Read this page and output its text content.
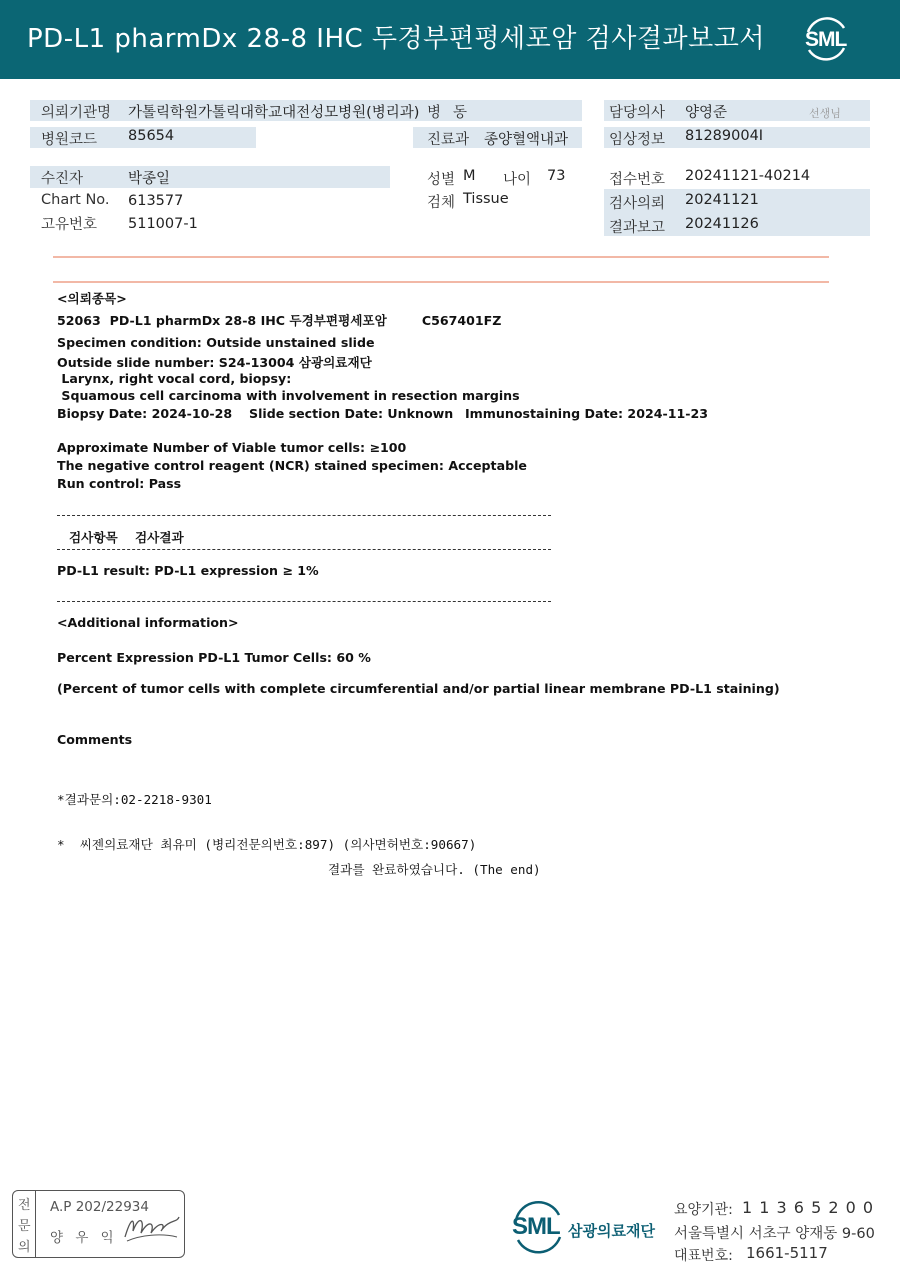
PD-L1 pharmDx 28-8 IHC 두경부편평세포암 검사결과보고서 SML
의뢰기관명 가톨릭학원가톨릭대학교대전성모병원(병리과) 병동
병원코드 85654	진료과 종양혈액내과
담당의사 양영준	선생님
임상정보 81289004I
수진자	박종일	성별 M 나이 73	접수번호 20241121-40214
Chart No. 613577	검체 Tissue	검사의뢰 20241121
고유번호 511007-1	결과보고 20241126
<의뢰종목>
52063  PD-L1 pharmDx 28-8 IHC 두경부편평세포암        C567401FZ
Specimen condition: Outside unstained slide
Outside slide number: S24-13004 삼광의료재단
Larynx, right vocal cord, biopsy:
Squamous cell carcinoma with involvement in resection margins
Biopsy Date: 2024-10-28 Slide section Date: Unknown Immunostaining Date: 2024-11-23
Approximate Number of Viable tumor cells: ≥100
The negative control reagent (NCR) stained specimen: Acceptable
Run control: Pass
검사항목 검사결과
PD-L1 result: PD-L1 expression ≥ 1%
<Additional information>
Percent Expression PD-L1 Tumor Cells: 60 %
(Percent of tumor cells with complete circumferential and/or partial linear membrane PD-L1 staining)
Comments
*결과문의:02-2218-9301
*  씨젠의료재단 최유미 (병리전문의번호:897) (의사면허번호:90667)
결과를 완료하였습니다. (The end)
전
문
의
A.P 202/22934
양 우 익	SML 삼광의료재단
요양기관: 1 1 3 6 5 2 0 0
서울특별시 서초구 양재동 9-60
대표번호: 1661-5117
